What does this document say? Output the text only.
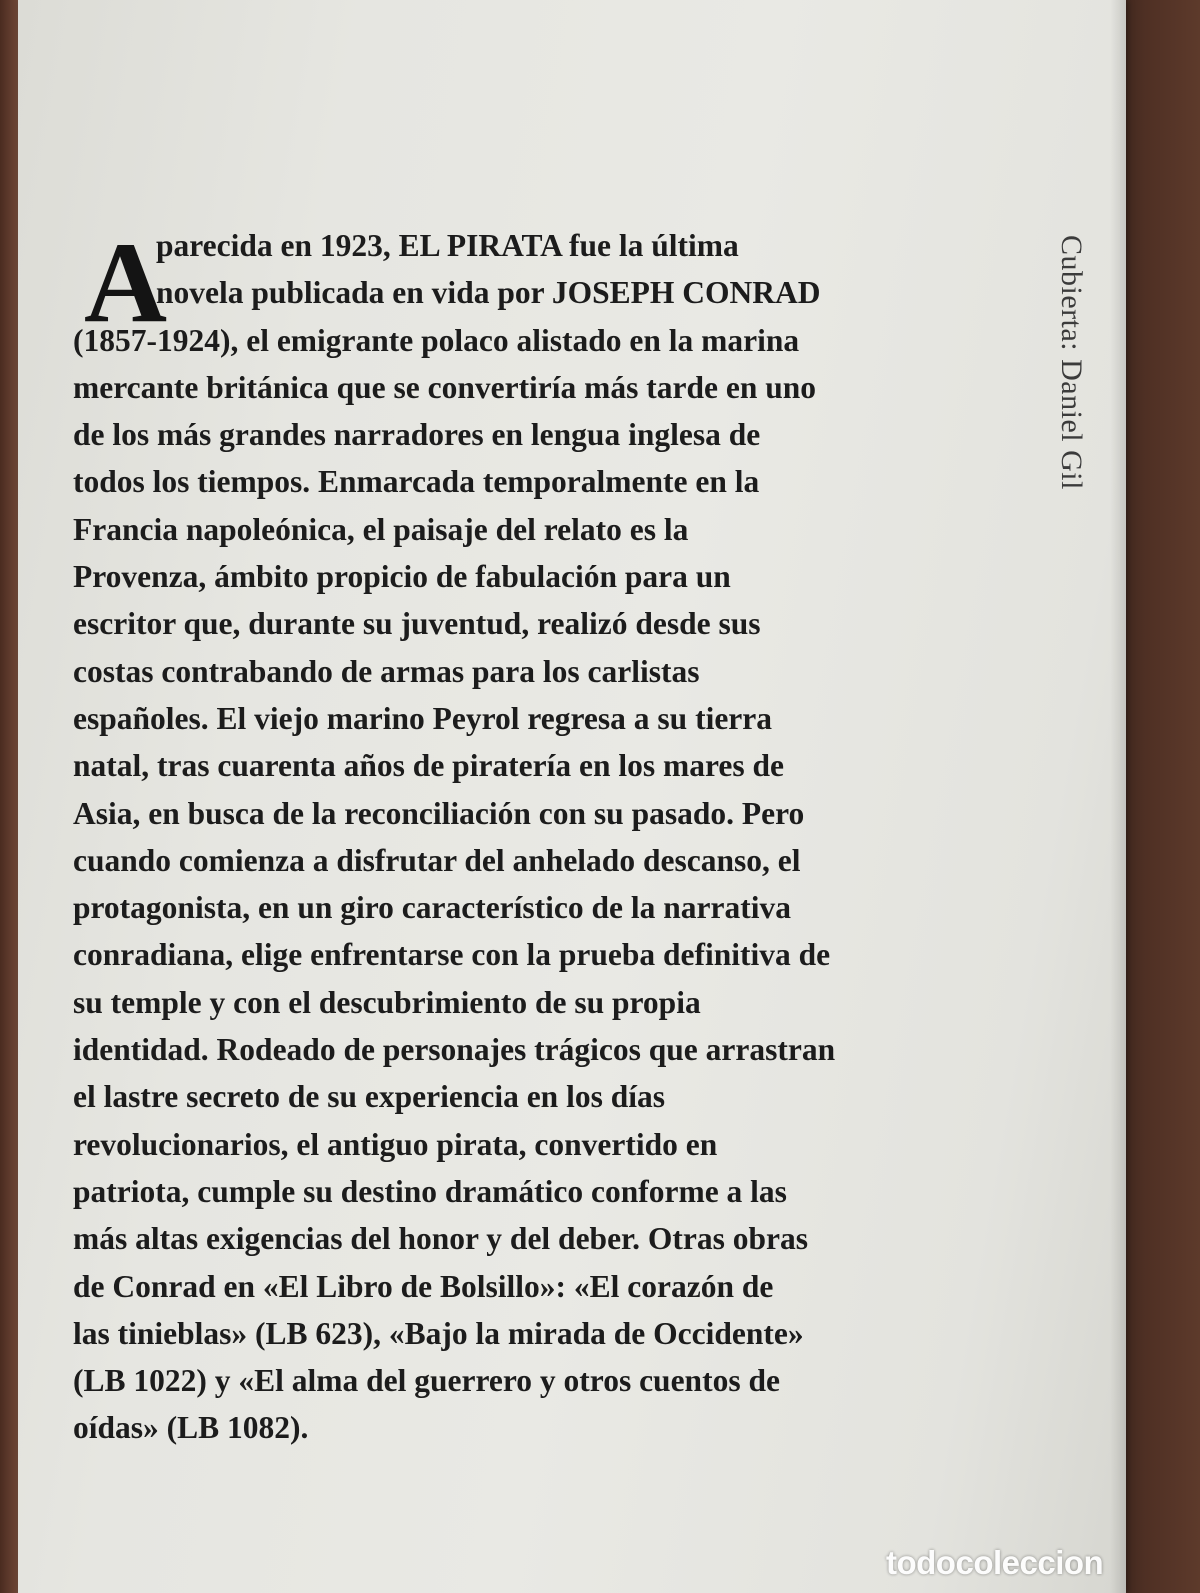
A
parecida en 1923, EL PIRATA fue la última
novela publicada en vida por JOSEPH CONRAD
(1857-1924), el emigrante polaco alistado en la marina
mercante británica que se convertiría más tarde en uno
de los más grandes narradores en lengua inglesa de
todos los tiempos. Enmarcada temporalmente en la
Francia napoleónica, el paisaje del relato es la
Provenza, ámbito propicio de fabulación para un
escritor que, durante su juventud, realizó desde sus
costas contrabando de armas para los carlistas
españoles. El viejo marino Peyrol regresa a su tierra
natal, tras cuarenta años de piratería en los mares de
Asia, en busca de la reconciliación con su pasado. Pero
cuando comienza a disfrutar del anhelado descanso, el
protagonista, en un giro característico de la narrativa
conradiana, elige enfrentarse con la prueba definitiva de
su temple y con el descubrimiento de su propia
identidad. Rodeado de personajes trágicos que arrastran
el lastre secreto de su experiencia en los días
revolucionarios, el antiguo pirata, convertido en
patriota, cumple su destino dramático conforme a las
más altas exigencias del honor y del deber. Otras obras
de Conrad en «El Libro de Bolsillo»: «El corazón de
las tinieblas» (LB 623), «Bajo la mirada de Occidente»
(LB 1022) y «El alma del guerrero y otros cuentos de
oídas» (LB 1082).
Cubierta: Daniel Gil
todocoleccion
